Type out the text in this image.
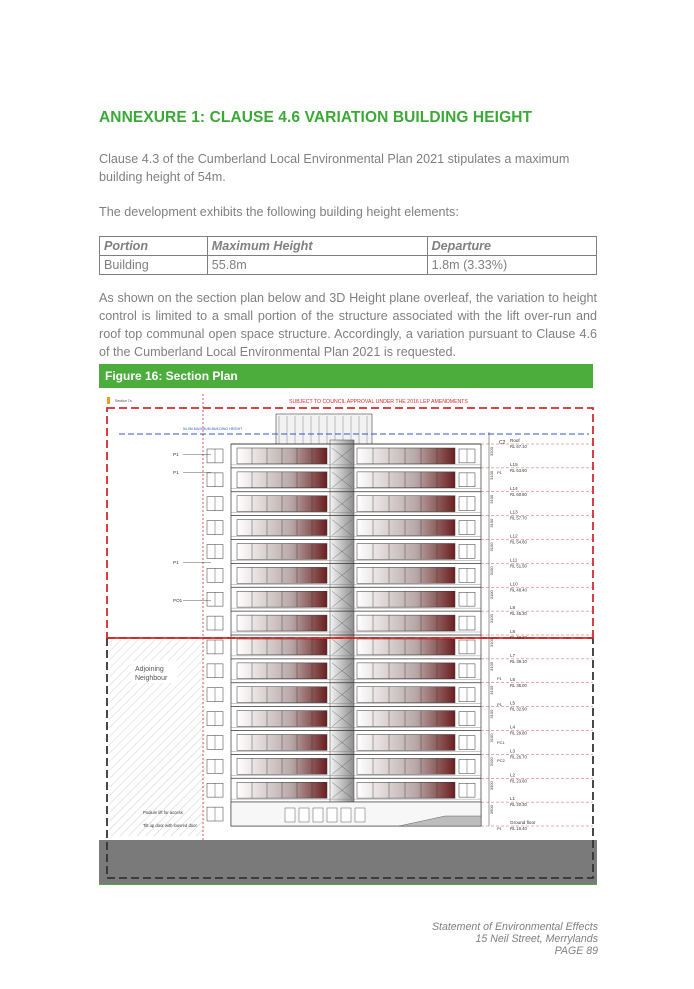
ANNEXURE 1: CLAUSE 4.6 VARIATION BUILDING HEIGHT
Clause 4.3 of the Cumberland Local Environmental Plan 2021 stipulates a maximum building height of 54m.
The development exhibits the following building height elements:
Portion	Maximum Height	Departure
Building	55.8m	1.8m (3.33%)
As shown on the section plan below and 3D Height plane overleaf, the variation to height control is limited to a small portion of the structure associated with the lift over-run and roof top communal open space structure. Accordingly, a variation pursuant to Clause 4.6 of the Cumberland Local Environmental Plan 2021 is requested.
Figure 16: Section Plan
54.0M MAXIMUM BUILDING HEIGHT
Section 7a	SUBJECT TO COUNCIL APPROVAL UNDER THE 2016 LEP AMENDMENTS
Adjoining
Neighbour
C2
Podium lift for access
Tilt up door with louvred door
Roof
RL 67.10
L15
RL 63.90
L14
RL 60.80
L13
RL 57.70
L12
RL 54.60
L11
RL 51.50
L10
RL 48.40
L9
RL 45.30
L8
RL 42.20
L7
RL 39.10
L6
RL 36.00
L5
RL 32.90
L4
RL 29.80
L3
RL 26.70
L2
RL 23.60
L1
RL 20.30
Ground floor
RL 16.40
3200
3100
3100
3100
3100
3100
3100
3100
3100
3100
3100
3100
3100
3100
3300
3900
P1
P1
P1
PO1
P1
P1
P1
PC1
PC2
P1
Statement of Environmental Effects
15 Neil Street, Merrylands
PAGE 89
